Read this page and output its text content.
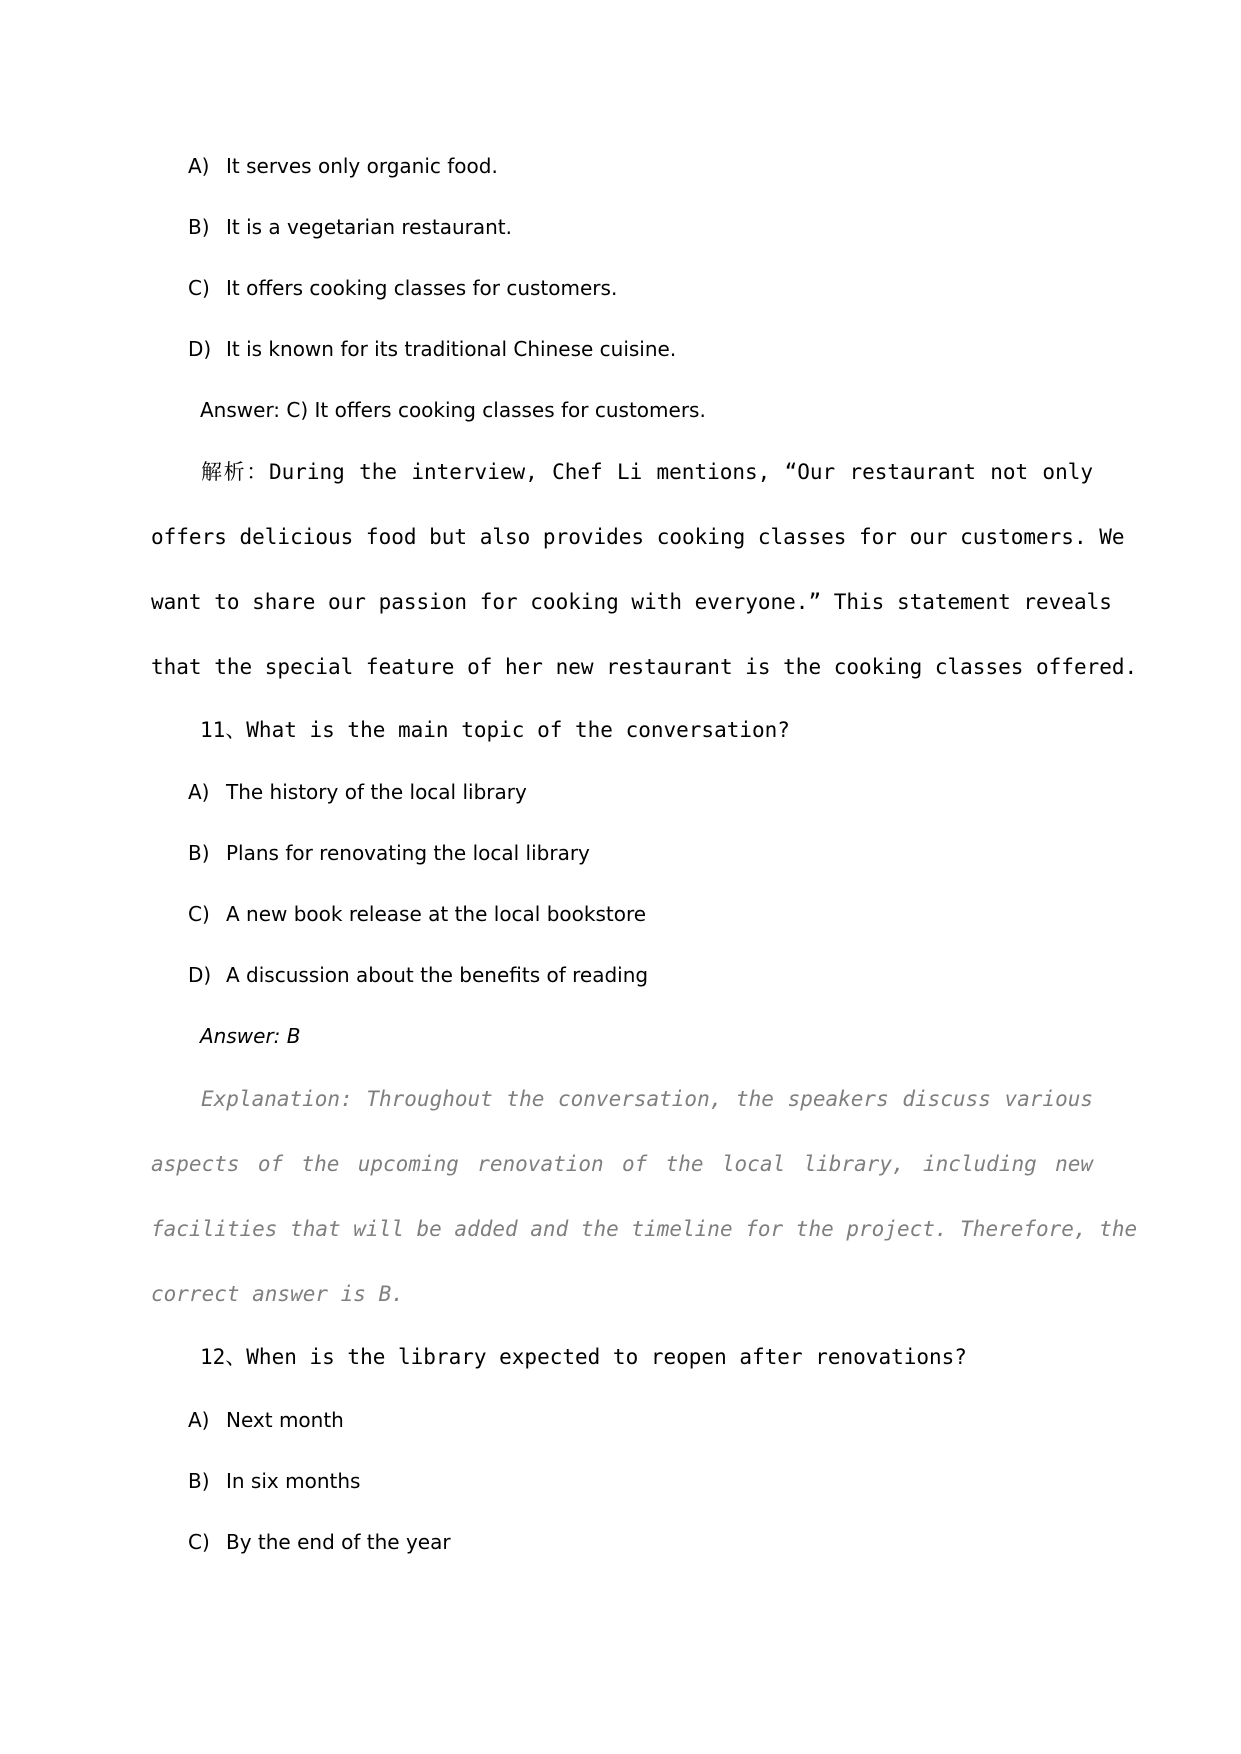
A) It serves only organic food.
B) It is a vegetarian restaurant.
C) It offers cooking classes for customers.
D) It is known for its traditional Chinese cuisine.
Answer: C) It offers cooking classes for customers.
解析：During the interview, Chef Li mentions, “Our restaurant not only
offers delicious food but also provides cooking classes for our customers. We
want to share our passion for cooking with everyone.” This statement reveals
that the special feature of her new restaurant is the cooking classes offered.
11、What is the main topic of the conversation?
A) The history of the local library
B) Plans for renovating the local library
C) A new book release at the local bookstore
D) A discussion about the benefits of reading
Answer: B
Explanation: Throughout the conversation, the speakers discuss various
aspects of the upcoming renovation of the local library, including new
facilities that will be added and the timeline for the project. Therefore, the
correct answer is B.
12、When is the library expected to reopen after renovations?
A) Next month
B) In six months
C) By the end of the year
